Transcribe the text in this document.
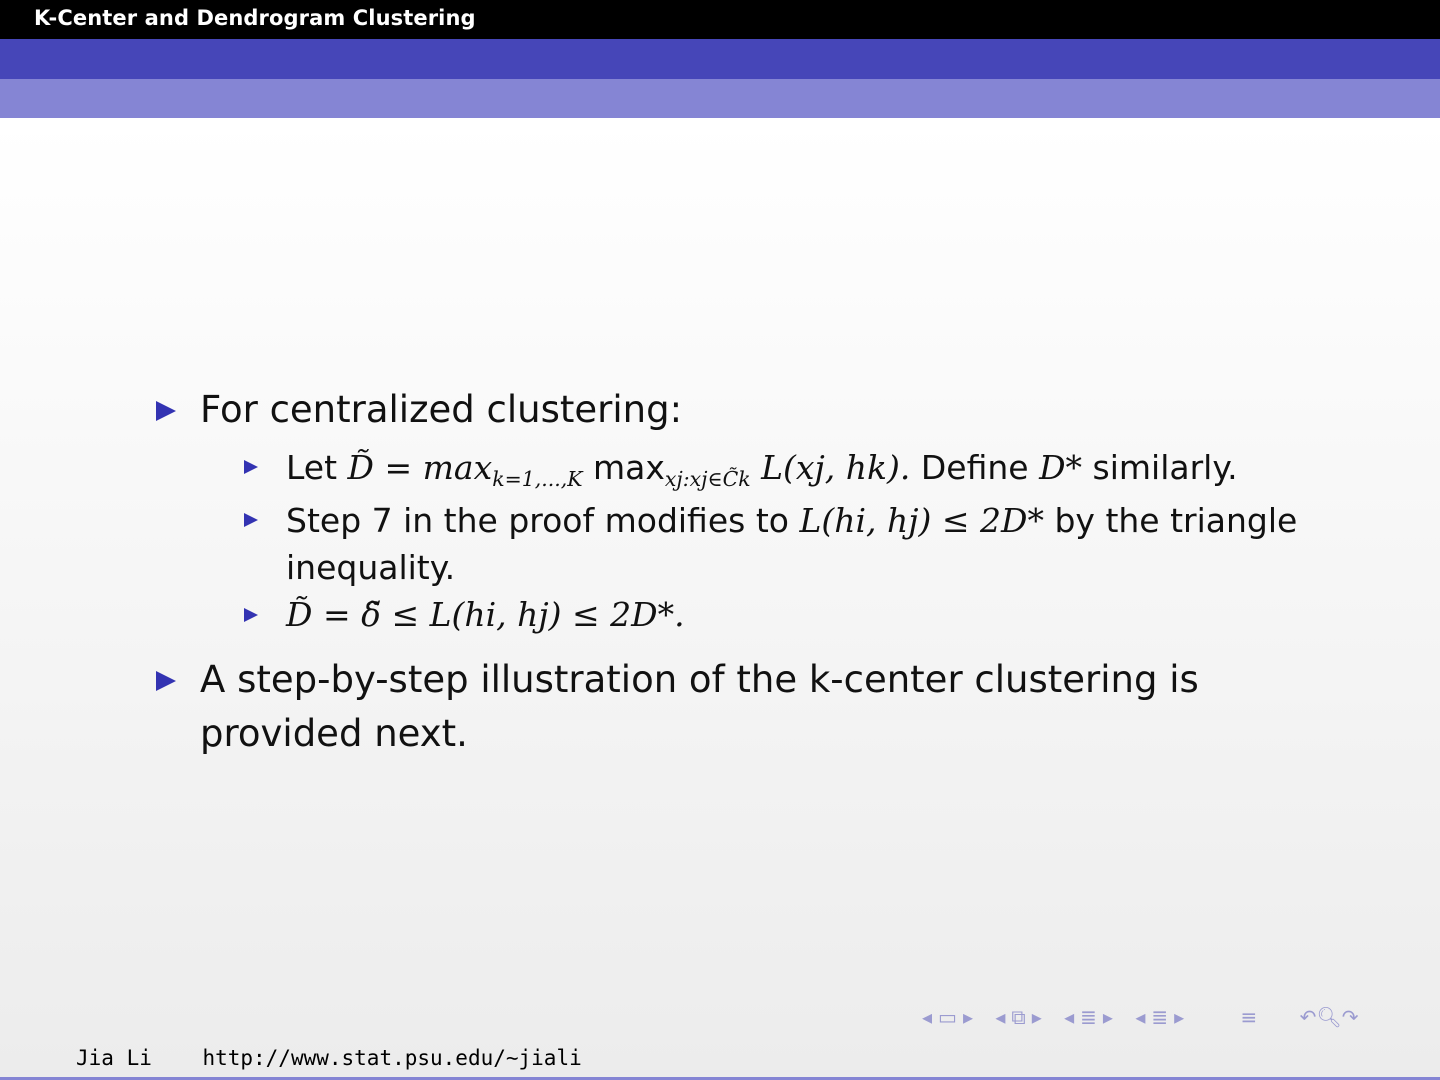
K-Center and Dendrogram Clustering
For centralized clustering:
Let D̃ = $\max_{k=1,...,K} \max_{xj:xj\in C̃k} L(xj$, hk). Define D* similarly.
Step 7 in the proof modifies to L(hi, hj) ≤ 2D* by the triangle
inequality.
D̃ = δ̃ ≤ L(hi, hj) ≤ 2D*.
A step-by-step illustration of the k-center clustering is
provided next.
◂ ▭ ▸ ◂ ⧉ ▸ ◂ ≣ ▸ ◂ ≣ ▸	≡ ↶🔍︎↷
Jia Li http://www.stat.psu.edu/∼jiali
